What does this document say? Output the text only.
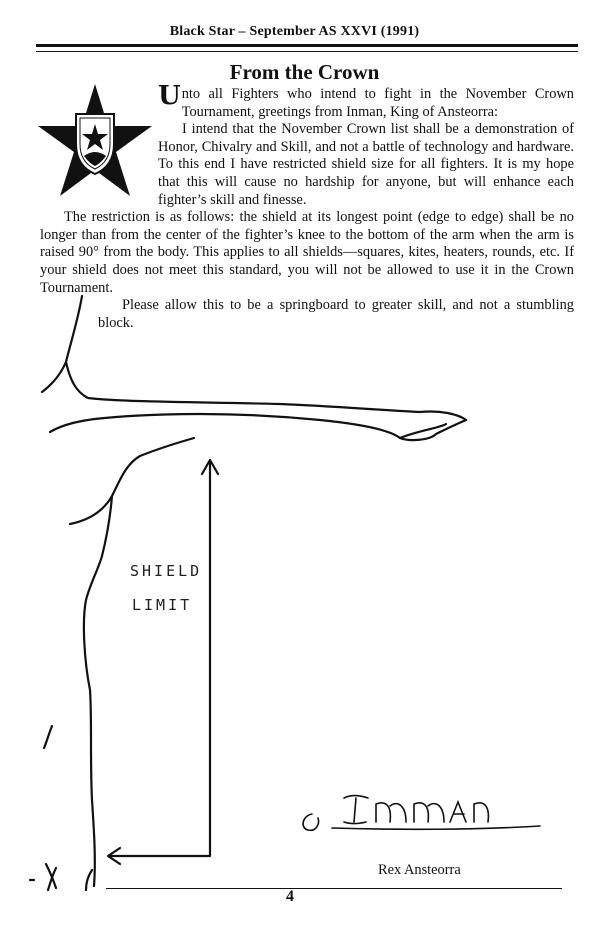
Black Star – September AS XXVI (1991)
From the Crown

Unto all Fighters who intend to fight in the November Crown Tournament, greetings from Inman, King of Ansteorra:

I intend that the November Crown list shall be a demonstration of Honor, Chivalry and Skill, and not a battle of technology and hardware. To this end I have restricted shield size for all fighters. It is my hope that this will cause no hardship for anyone, but will enhance each fighter’s skill and finesse.

The restriction is as follows: the shield at its longest point (edge to edge) shall be no longer than from the center of the fighter’s knee to the bottom of the arm when the arm is raised 90° from the body. This applies to all shields—squares, kites, heaters, rounds, etc. If your shield does not meet this standard, you will not be allowed to use it in the Crown Tournament.

Please allow this to be a springboard to greater skill, and not a stumbling block.

SHIELD
LIMIT
Rex Ansteorra
4
